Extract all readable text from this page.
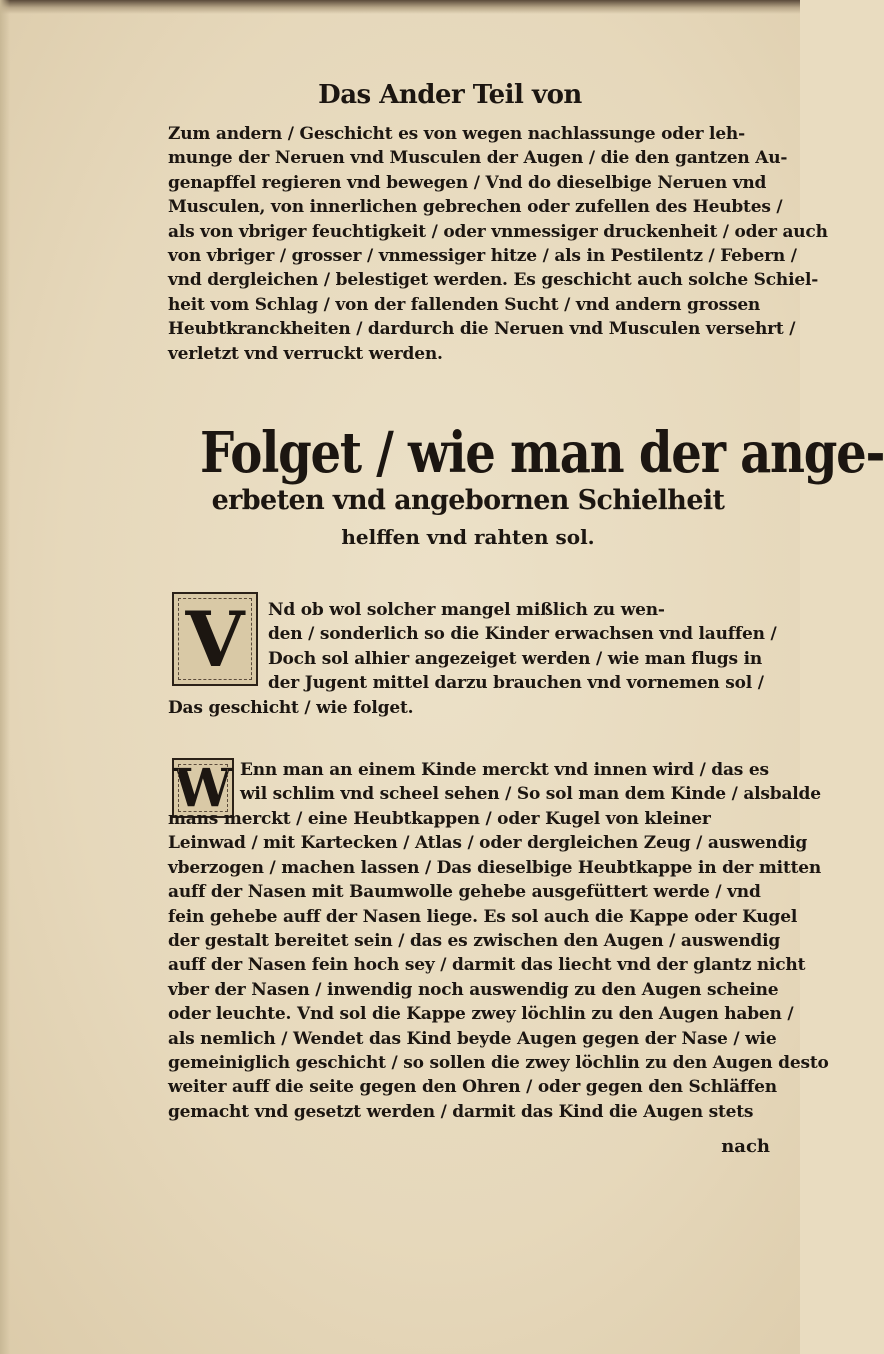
Das Ander Teil von
Zum andern / Geschicht es von wegen nachlassunge oder leh-
munge der Neruen vnd Musculen der Augen / die den gantzen Au-
genapffel regieren vnd bewegen / Vnd do dieselbige Neruen vnd
Musculen, von innerlichen gebrechen oder zufellen des Heubtes /
als von vbriger feuchtigkeit / oder vnmessiger druckenheit / oder auch
von vbriger / grosser / vnmessiger hitze / als in Pestilentz / Febern /
vnd dergleichen / belestiget werden. Es geschicht auch solche Schiel-
heit vom Schlag / von der fallenden Sucht / vnd andern grossen
Heubtkranckheiten / dardurch die Neruen vnd Musculen versehrt /
verletzt vnd verruckt werden.
Folget / wie man der ange-
erbeten vnd angebornen Schielheit
helffen vnd rahten sol.
V Nd ob wol solcher mangel mißlich zu wen-
den / sonderlich so die Kinder erwachsen vnd lauffen /
Doch sol alhier angezeiget werden / wie man flugs in
der Jugent mittel darzu brauchen vnd vornemen sol /
Das geschicht / wie folget.
W Enn man an einem Kinde merckt vnd innen wird / das es
wil schlim vnd scheel sehen / So sol man dem Kinde / alsbalde
mans merckt / eine Heubtkappen / oder Kugel von kleiner
Leinwad / mit Kartecken / Atlas / oder dergleichen Zeug / auswendig
vberzogen / machen lassen / Das dieselbige Heubtkappe in der mitten
auff der Nasen mit Baumwolle gehebe ausgefüttert werde / vnd
fein gehebe auff der Nasen liege. Es sol auch die Kappe oder Kugel
der gestalt bereitet sein / das es zwischen den Augen / auswendig
auff der Nasen fein hoch sey / darmit das liecht vnd der glantz nicht
vber der Nasen / inwendig noch auswendig zu den Augen scheine
oder leuchte. Vnd sol die Kappe zwey löchlin zu den Augen haben /
als nemlich / Wendet das Kind beyde Augen gegen der Nase / wie
gemeiniglich geschicht / so sollen die zwey löchlin zu den Augen desto
weiter auff die seite gegen den Ohren / oder gegen den Schläffen
gemacht vnd gesetzt werden / darmit das Kind die Augen stets
nach
